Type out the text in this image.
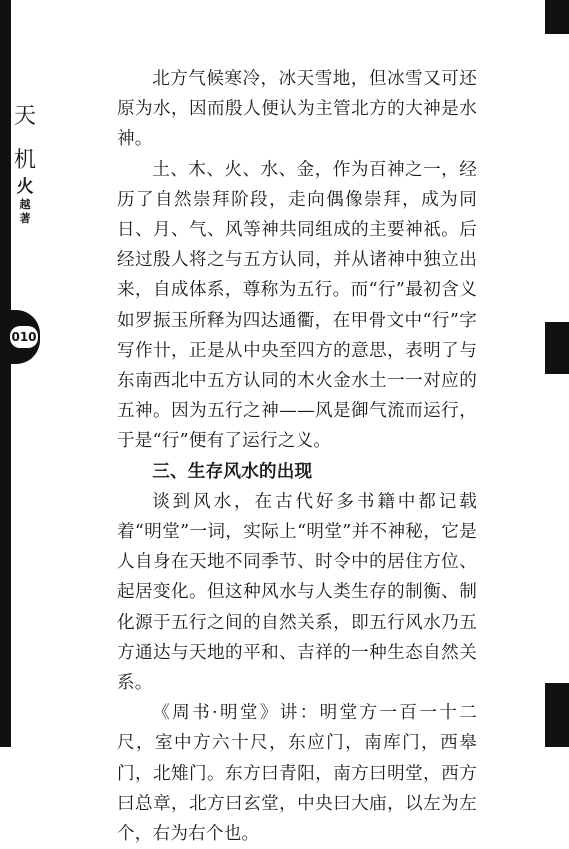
天
机
火
越
著
010

北方气候寒冷，冰天雪地，但冰雪又可还原为水，因而殷人便认为主管北方的大神是水神。

土、木、火、水、金，作为百神之一，经历了自然崇拜阶段，走向偶像崇拜，成为同日、月、气、风等神共同组成的主要神祇。后经过殷人将之与五方认同，并从诸神中独立出来，自成体系，尊称为五行。而“行”最初含义如罗振玉所释为四达通衢，在甲骨文中“行”字写作卄，正是从中央至四方的意思，表明了与东南西北中五方认同的木火金水土一一对应的五神。因为五行之神——风是御气流而运行，于是“行”便有了运行之义。

三、生存风水的出现

谈到风水，在古代好多书籍中都记载着“明堂”一词，实际上“明堂”并不神秘，它是人自身在天地不同季节、时令中的居住方位、起居变化。但这种风水与人类生存的制衡、制化源于五行之间的自然关系，即五行风水乃五方通达与天地的平和、吉祥的一种生态自然关系。

《周书·明堂》讲：明堂方一百一十二尺，室中方六十尺，东应门，南库门，西皋门，北雉门。东方曰青阳，南方曰明堂，西方曰总章，北方曰玄堂，中央曰大庙，以左为左个，右为右个也。
